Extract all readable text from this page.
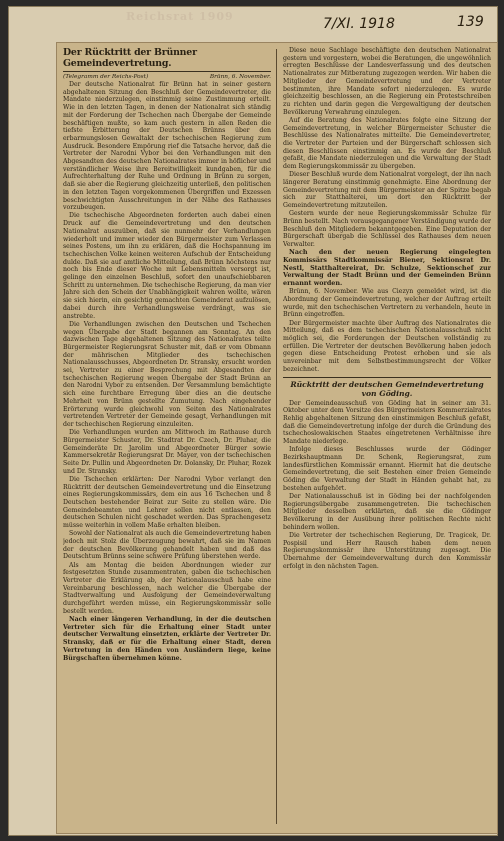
Reichsrat 1909	7/XI. 1918	139
Der Rücktritt der Brünner Gemeindevertretung.
(Telegramm der Reichs-Post)	Brünn, 6. November.

Der deutsche Nationalrat für Brünn hat in seiner gestern abgehaltenen Sitzung den Beschluß der Gemeindevertreter, die Mandate niederzulegen, einstimmig seine Zustimmung erteilt. Wie in den letzten Tagen, in denen der Nationalrat sich ständig mit der Forderung der Tschechen nach Übergabe der Gemeinde beschäftigen mußte, so kam auch gestern in allen Reden die tiefste Erbitterung der Deutschen Brünns über den erbarmungslosen Gewaltakt der tschechischen Regierung zum Ausdruck. Besondere Empörung rief die Tatsache hervor, daß die Vertreter der Narodni Vybor bei den Verhandlungen mit den Abgesandten des deutschen Nationalrates immer in höflicher und verständlicher Weise ihre Bereitwilligkeit kundgaben, für die Aufrechterhaltung der Ruhe und Ordnung in Brünn zu sorgen, daß sie aber die Regierung gleichzeitig unterließ, den politischen in den letzten Tagen vorgekommenen Übergriffen und Exzessen beschwichtigten Ausschreitungen in der Nähe des Rathauses vorzubeugen.

Die tschechische Abgeordneten forderten auch dabei einen Druck auf die Gemeindevertretung und den deutschen Nationalrat auszuüben, daß sie nunmehr der Verhandlungen wiederholt und immer wieder den Bürgermeister zum Verlassen seines Postens, um ihn zu erklären, daß die Hochspannung im tschechischen Volke keinen weiteren Aufschub der Entscheidung dulde. Daß sie auf amtliche Mitteilung, daß Brünn höchstens nur noch bis Ende dieser Woche mit Lebensmitteln versorgt ist, gelinge den einzelnen Beschluß, sofort den unaufschiebbaren Schritt zu unternehmen. Die tschechische Regierung, da man vier Jahre sich den Schein der Unabhängigkeit wahren wollte, wären sie sich hierin, ein gesichtig gemachten Gemeinderat aufzulösen, dabei durch ihre Verhandlungsweise verdrängt, was sie anstrebte.

Die Verhandlungen zwischen den Deutschen und Tschechen wegen Übergabe der Stadt begannen am Sonntag. An den dazwischen Tage abgehaltenen Sitzung des Nationalrates teilte Bürgermeister Regierungsrat Schuster mit, daß er vom Obmann der mährischen Mitglieder des tschechischen Nationalausschusses, Abgeordneten Dr. Stransky, ersucht worden sei, Vertreter zu einer Besprechung mit Abgesandten der tschechischen Regierung wegen Übergabe der Stadt Brünn an den Narodni Vybor zu entsenden. Der Versammlung bemächtigte sich eine furchtbare Erregung über dies an die deutsche Mehrheit von Brünn gestellte Zumutung. Nach eingehender Erörterung wurde gleichwohl von Seiten des Nationalrates vertretenden Vertreter der Gemeinde gesagt, Verhandlungen mit der tschechischen Regierung einzuleiten.

Die Verhandlungen wurden am Mittwoch im Rathause durch Bürgermeister Schuster, Dr. Stadtrat Dr. Czech, Dr. Pluhar, die Gemeinderäte Dr. Jarolim und Abgeordneter Bürger sowie Kammersekretär Regierungsrat Dr. Mayer, von der tschechischen Seite Dr. Pullin und Abgeordneten Dr. Dolansky, Dr. Pluhar, Rozek und Dr. Stransky.

Die Tschechen erklärten: Der Narodni Vybor verlangt den Rücktritt der deutschen Gemeindevertretung und die Einsetzung eines Regierungskommissärs, dem ein aus 16 Tschechen und 8 Deutschen bestehender Beirat zur Seite zu stellen wäre. Die Gemeindebeamten und Lehrer sollen nicht entlassen, den deutschen Schulen nicht geschadet werden. Das Sprachengesetz müsse weiterhin in vollem Maße erhalten bleiben.

Sowohl der Nationalrat als auch die Gemeindevertretung haben jedoch mit Stolz die Überzeugung bewahrt, daß sie im Namen der deutschen Bevölkerung gehandelt haben und daß das Deutschtum Brünns seine schwere Prüfung überstehen werde.

Als am Montag die beiden Abordnungen wieder zur festgesetzten Stunde zusammentraten, gaben die tschechischen Vertreter die Erklärung ab, der Nationalausschuß habe eine Vereinbarung beschlossen, nach welcher die Übergabe der Stadtverwaltung und Ausfolgung der Gemeindeverwaltung durchgeführt werden müsse, ein Regierungskommissär solle bestellt werden.

Nach einer längeren Verhandlung, in der die deutschen Vertreter sich für die Erhaltung einer Stadt unter deutscher Verwaltung einsetzten, erklärte der Vertreter Dr. Stransky, daß er für die Erhaltung einer Stadt, deren Vertretung in den Händen von Ausländern liege, keine Bürgschaften übernehmen könne.

Diese neue Sachlage beschäftigte den deutschen Nationalrat gestern und vorgestern, wobei die Beratungen, die ungewöhnlich erregten Beschlüsse der Landesverfassung und des deutschen Nationalrates zur Mitberatung zugezogen werden. Wir haben die Mitglieder der Gemeindevertretung und der Vertreter bestimmten, ihre Mandate sofort niederzulegen. Es wurde gleichzeitig beschlossen, an die Regierung ein Protestschreiben zu richten und darin gegen die Vergewaltigung der deutschen Bevölkerung Verwahrung einzulegen.

Auf die Beratung des Nationalrates folgte eine Sitzung der Gemeindevertretung, in welcher Bürgermeister Schuster die Beschlüsse des Nationalrates mitteilte. Die Gemeindevertreter, die Vertreter der Parteien und der Bürgerschaft schlossen sich diesen Beschlüssen einstimmig an. Es wurde der Beschluß gefaßt, die Mandate niederzulegen und die Verwaltung der Stadt dem Regierungskommissär zu übergeben.

Dieser Beschluß wurde dem Nationalrat vorgelegt, der ihn nach längerer Beratung einstimmig genehmigte. Eine Abordnung der Gemeindevertretung mit dem Bürgermeister an der Spitze begab sich zur Statthalterei, um dort den Rücktritt der Gemeindevertretung mitzuteilen.

Gestern wurde der neue Regierungskommissär Schulze für Brünn bestellt. Nach vorausgegangener Verständigung wurde der Beschluß den Mitgliedern bekanntgegeben. Eine Deputation der Bürgerschaft übergab die Schlüssel des Rathauses dem neuen Verwalter.

Nach den der neuen Regierung eingelegten Kommissärs Stadtkommissär Biener, Sektionsrat Dr. Nestl, Statthaltereirat, Dr. Schulze, Sektionschef zur Verwaltung der Stadt Brünn und der Gemeinden Brünn ernannt worden.

Brünn, 6. November. Wie aus Ciezyn gemeldet wird, ist die Abordnung der Gemeindevertretung, welcher der Auftrag erteilt wurde, mit den tschechischen Vertretern zu verhandeln, heute in Brünn eingetroffen.

Der Bürgermeister machte über Auftrag des Nationalrates die Mitteilung, daß es dem tschechischen Nationalausschuß nicht möglich sei, die Forderungen der Deutschen vollständig zu erfüllen. Die Vertreter der deutschen Bevölkerung haben jedoch gegen diese Entscheidung Protest erhoben und sie als unvereinbar mit dem Selbstbestimmungsrecht der Völker bezeichnet.

Rücktritt der deutschen Gemeindevertretung von Göding.

Der Gemeindeausschuß von Göding hat in seiner am 31. Oktober unter dem Vorsitze des Bürgermeisters Kommerzialrates Rehlig abgehaltenen Sitzung den einstimmigen Beschluß gefaßt, daß die Gemeindevertretung infolge der durch die Gründung des tschechoslowakischen Staates eingetretenen Verhältnisse ihre Mandate niederlege.

Infolge dieses Beschlusses wurde der Gödinger Bezirkshauptmann Dr. Schenk, Regierungsrat, zum landesfürstlichen Kommissär ernannt. Hiermit hat die deutsche Gemeindevertretung, die seit Bestehen einer freien Gemeinde Göding die Verwaltung der Stadt in Händen gehabt hat, zu bestehen aufgehört.

Der Nationalausschuß ist in Göding bei der nachfolgenden Regierungsübergabe zusammengetreten. Die tschechischen Mitglieder desselben erklärten, daß sie die Gödinger Bevölkerung in der Ausübung ihrer politischen Rechte nicht behindern wollen.

Die Vertreter der tschechischen Regierung, Dr. Tragicek, Dr. Pospisil und Herr Rausch haben dem neuen Regierungskommissär ihre Unterstützung zugesagt. Die Übernahme der Gemeindeverwaltung durch den Kommissär erfolgt in den nächsten Tagen.
